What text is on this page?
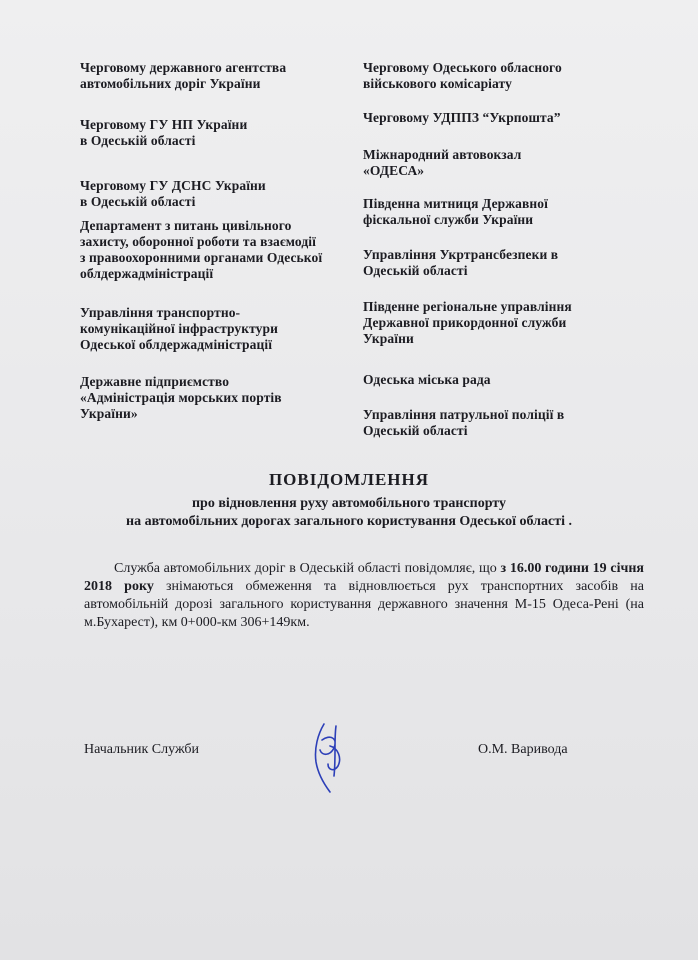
Черговому державного агентства
автомобільних доріг України
Черговому ГУ НП України
в Одеській області
Черговому ГУ ДСНС України
в Одеській області
Департамент з питань цивільного
захисту, оборонної роботи та взаємодії
з правоохоронними органами Одеської
облдержадміністрації
Управління транспортно-
комунікаційної інфраструктури
Одеської облдержадміністрації
Державне підприємство
«Адміністрація морських портів
України»
Черговому Одеського обласного
військового комісаріату
Черговому УДППЗ “Укрпошта”
Міжнародний автовокзал
«ОДЕСА»
Південна митниця Державної
фіскальної служби України
Управління Укртрансбезпеки в
Одеській області
Південне регіональне управління
Державної прикордонної служби
України
Одеська міська рада
Управління патрульної поліції в
Одеській області
ПОВІДОМЛЕННЯ
про відновлення руху автомобільного транспорту
на автомобільних дорогах загального користування Одеської області .
Служба автомобільних доріг в Одеській області повідомляє, що з 16.00 години 19 січня 2018 року знімаються обмеження та відновлюється рух транспортних засобів на автомобільній дорозі загального користування державного значення М-15 Одеса-Рені (на м.Бухарест), км 0+000-км 306+149км.
Начальник Служби	О.М. Варивода
